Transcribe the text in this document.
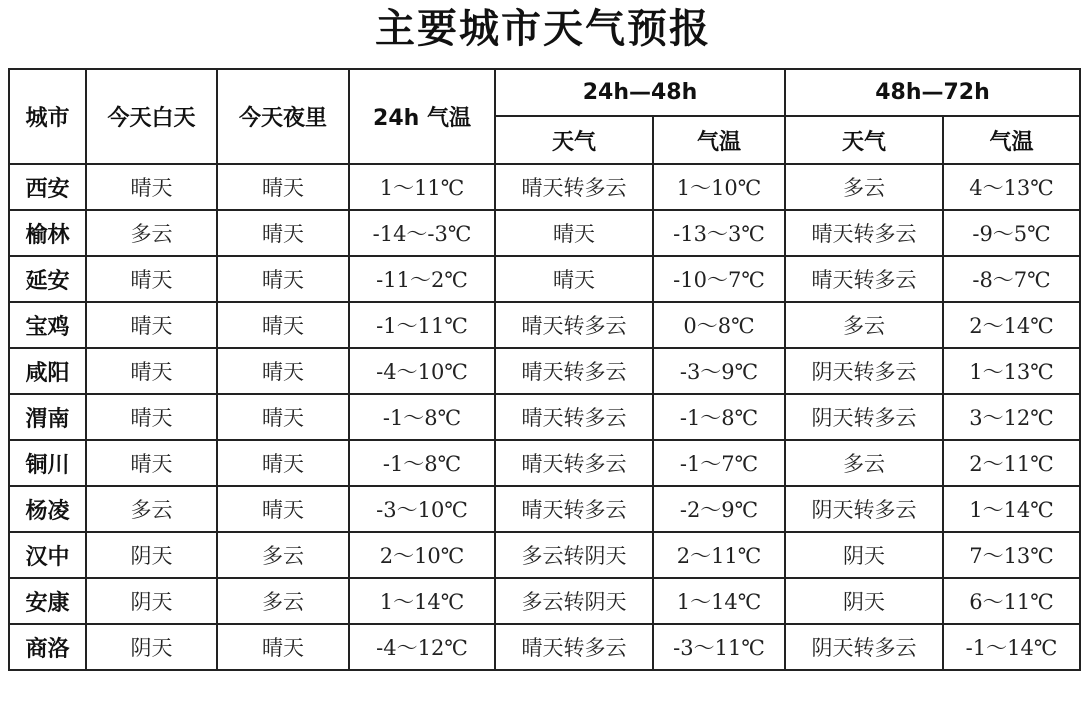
主要城市天气预报
城市	今天白天	今天夜里	24h 气温	24h—48h		48h—72h	
				天气	气温	天气	气温
西安	晴天	晴天	1～11℃	晴天转多云	1～10℃	多云	4～13℃
榆林	多云	晴天	-14～-3℃	晴天	-13～3℃	晴天转多云	-9～5℃
延安	晴天	晴天	-11～2℃	晴天	-10～7℃	晴天转多云	-8～7℃
宝鸡	晴天	晴天	-1～11℃	晴天转多云	0～8℃	多云	2～14℃
咸阳	晴天	晴天	-4～10℃	晴天转多云	-3～9℃	阴天转多云	1～13℃
渭南	晴天	晴天	-1～8℃	晴天转多云	-1～8℃	阴天转多云	3～12℃
铜川	晴天	晴天	-1～8℃	晴天转多云	-1～7℃	多云	2～11℃
杨凌	多云	晴天	-3～10℃	晴天转多云	-2～9℃	阴天转多云	1～14℃
汉中	阴天	多云	2～10℃	多云转阴天	2～11℃	阴天	7～13℃
安康	阴天	多云	1～14℃	多云转阴天	1～14℃	阴天	6～11℃
商洛	阴天	晴天	-4～12℃	晴天转多云	-3～11℃	阴天转多云	-1～14℃
